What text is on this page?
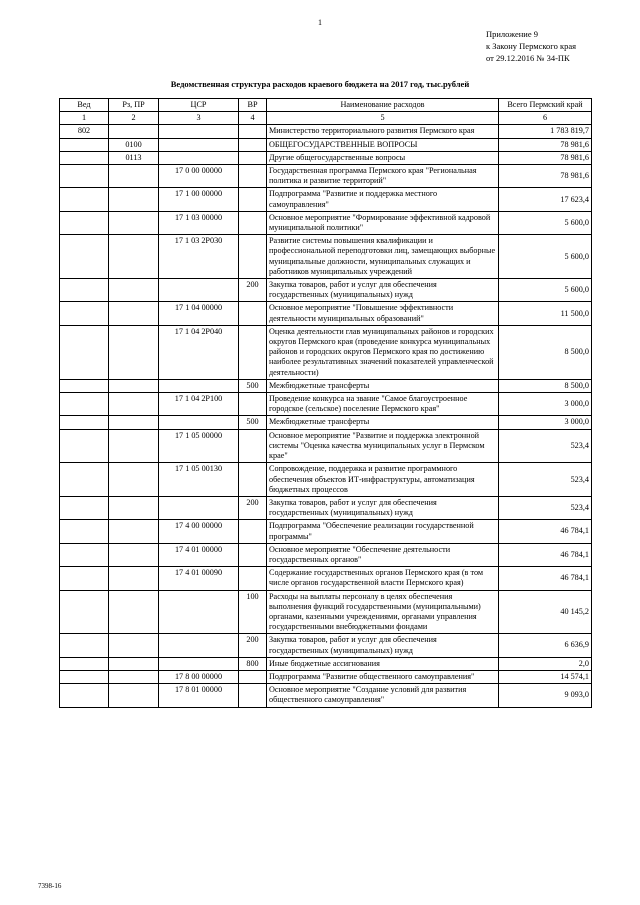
1
Приложение 9
к Закону Пермского края
от 29.12.2016 № 34-ПК
Ведомственная структура расходов краевого бюджета на 2017 год, тыс.рублей
Вед	Рз, ПР	ЦСР	ВР	Наименование расходов	Всего Пермский край
1	2	3	4	5	6
802				Министерство территориального развития Пермского края	1 783 819,7
	0100			ОБЩЕГОСУДАРСТВЕННЫЕ ВОПРОСЫ	78 981,6
	0113			Другие общегосударственные вопросы	78 981,6
		17 0 00 00000		Государственная программа Пермского края "Региональная политика и развитие территорий"	78 981,6
		17 1 00 00000		Подпрограмма "Развитие и поддержка местного самоуправления"	17 623,4
		17 1 03 00000		Основное мероприятие "Формирование эффективной кадровой муниципальной политики"	5 600,0
		17 1 03 2Р030		Развитие системы повышения квалификации и профессиональной переподготовки лиц, замещающих выборные муниципальные должности, муниципальных служащих и работников муниципальных учреждений	5 600,0
			200	Закупка товаров, работ и услуг для обеспечения государственных (муниципальных) нужд	5 600,0
		17 1 04 00000		Основное мероприятие "Повышение эффективности деятельности муниципальных образований"	11 500,0
		17 1 04 2Р040		Оценка деятельности глав муниципальных районов и городских округов Пермского края (проведение конкурса муниципальных районов и городских округов Пермского края по достижению наиболее результативных значений показателей управленческой деятельности)	8 500,0
			500	Межбюджетные трансферты	8 500,0
		17 1 04 2Р100		Проведение конкурса на звание "Самое благоустроенное городское (сельское) поселение Пермского края"	3 000,0
			500	Межбюджетные трансферты	3 000,0
		17 1 05 00000		Основное мероприятие "Развитие и поддержка электронной системы "Оценка качества муниципальных услуг в Пермском крае"	523,4
		17 1 05 00130		Сопровождение, поддержка и развитие программного обеспечения объектов ИТ-инфраструктуры, автоматизация бюджетных процессов	523,4
			200	Закупка товаров, работ и услуг для обеспечения государственных (муниципальных) нужд	523,4
		17 4 00 00000		Подпрограмма "Обеспечение реализации государственной программы"	46 784,1
		17 4 01 00000		Основное мероприятие "Обеспечение деятельности государственных органов"	46 784,1
		17 4 01 00090		Содержание государственных органов Пермского края (в том числе органов государственной власти Пермского края)	46 784,1
			100	Расходы на выплаты персоналу в целях обеспечения выполнения функций государственными (муниципальными) органами, казенными учреждениями, органами управления государственными внебюджетными фондами	40 145,2
			200	Закупка товаров, работ и услуг для обеспечения государственных (муниципальных) нужд	6 636,9
			800	Иные бюджетные ассигнования	2,0
		17 8 00 00000		Подпрограмма "Развитие общественного самоуправления"	14 574,1
		17 8 01 00000		Основное мероприятие "Создание условий для развития общественного самоуправления"	9 093,0
7398-16
